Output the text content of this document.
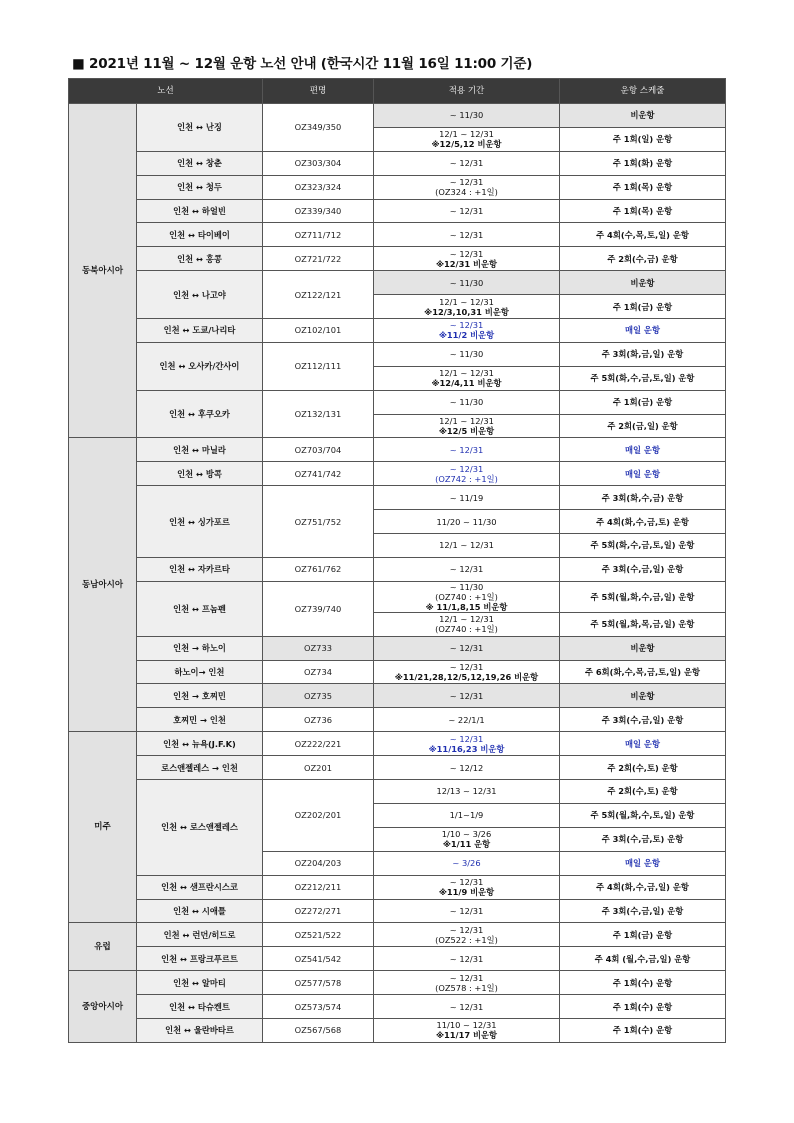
■ 2021년 11월 ~ 12월 운항 노선 안내 (한국시간 11월 16일 11:00 기준)
노선		편명	적용 기간	운항 스케줄
동북아시아	인천 ↔ 난징	OZ349/350	~ 11/30	비운항

			12/1 ~ 12/31
※12/5,12 비운항	주 1회(일) 운항
	인천 ↔ 창춘	OZ303/304	~ 12/31	주 1회(화) 운항
	인천 ↔ 청두	OZ323/324	~ 12/31
(OZ324 : +1일)	주 1회(목) 운항
	인천 ↔ 하얼빈	OZ339/340	~ 12/31	주 1회(목) 운항
	인천 ↔ 타이베이	OZ711/712	~ 12/31	주 4회(수,목,토,일) 운항
	인천 ↔ 홍콩	OZ721/722	~ 12/31
※12/31 비운항	주 2회(수,금) 운항
	인천 ↔ 나고야	OZ122/121	~ 11/30	비운항

			12/1 ~ 12/31
※12/3,10,31 비운항	주 1회(금) 운항
	인천 ↔ 도쿄/나리타	OZ102/101	~ 12/31
※11/2 비운항	매일 운항
	인천 ↔ 오사카/간사이	OZ112/111	~ 11/30	주 3회(화,금,일) 운항

			12/1 ~ 12/31
※12/4,11 비운항	주 5회(화,수,금,토,일) 운항
	인천 ↔ 후쿠오카	OZ132/131	~ 11/30	주 1회(금) 운항

			12/1 ~ 12/31
※12/5 비운항	주 2회(금,일) 운항
동남아시아	인천 ↔ 마닐라	OZ703/704	~ 12/31	매일 운항
	인천 ↔ 방콕	OZ741/742	~ 12/31
(OZ742 : +1일)	매일 운항
	인천 ↔ 싱가포르	OZ751/752	~ 11/19	주 3회(화,수,금) 운항

			11/20 ~ 11/30	주 4회(화,수,금,토) 운항

			12/1 ~ 12/31	주 5회(화,수,금,토,일) 운항
	인천 ↔ 자카르타	OZ761/762	~ 12/31	주 3회(수,금,일) 운항
	인천 ↔ 프놈펜	OZ739/740	~ 11/30
(OZ740 : +1일)
※ 11/1,8,15 비운항	주 5회(월,화,수,금,일) 운항

			12/1 ~ 12/31
(OZ740 : +1일)	주 5회(월,화,목,금,일) 운항
	인천 → 하노이	OZ733	~ 12/31	비운항
	하노이→ 인천	OZ734	~ 12/31
※11/21,28,12/5,12,19,26 비운항	주 6회(화,수,목,금,토,일) 운항
	인천 → 호찌민	OZ735	~ 12/31	비운항
	호찌민 → 인천	OZ736	~ 22/1/1	주 3회(수,금,일) 운항
미주	인천 ↔ 뉴욕(J.F.K)	OZ222/221	~ 12/31
※11/16,23 비운항	매일 운항
	로스앤젤레스 → 인천	OZ201	~ 12/12	주 2회(수,토) 운항
	인천 ↔ 로스앤젤레스	OZ202/201	12/13 ~ 12/31	주 2회(수,토) 운항

			1/1~1/9	주 5회(월,화,수,토,일) 운항

			1/10 ~ 3/26
※1/11 운항	주 3회(수,금,토) 운항
		OZ204/203	~ 3/26	매일 운항
	인천 ↔ 샌프란시스코	OZ212/211	~ 12/31
※11/9 비운항	주 4회(화,수,금,일) 운항
	인천 ↔ 시애틀	OZ272/271	~ 12/31	주 3회(수,금,일) 운항
유럽	인천 ↔ 런던/히드로	OZ521/522	~ 12/31
(OZ522 : +1일)	주 1회(금) 운항
	인천 ↔ 프랑크푸르트	OZ541/542	~ 12/31	주 4회 (월,수,금,일) 운항
중앙아시아	인천 ↔ 알마티	OZ577/578	~ 12/31
(OZ578 : +1일)	주 1회(수) 운항
	인천 ↔ 타슈켄트	OZ573/574	~ 12/31	주 1회(수) 운항
	인천 ↔ 울란바타르	OZ567/568	11/10 ~ 12/31
※11/17 비운항	주 1회(수) 운항
